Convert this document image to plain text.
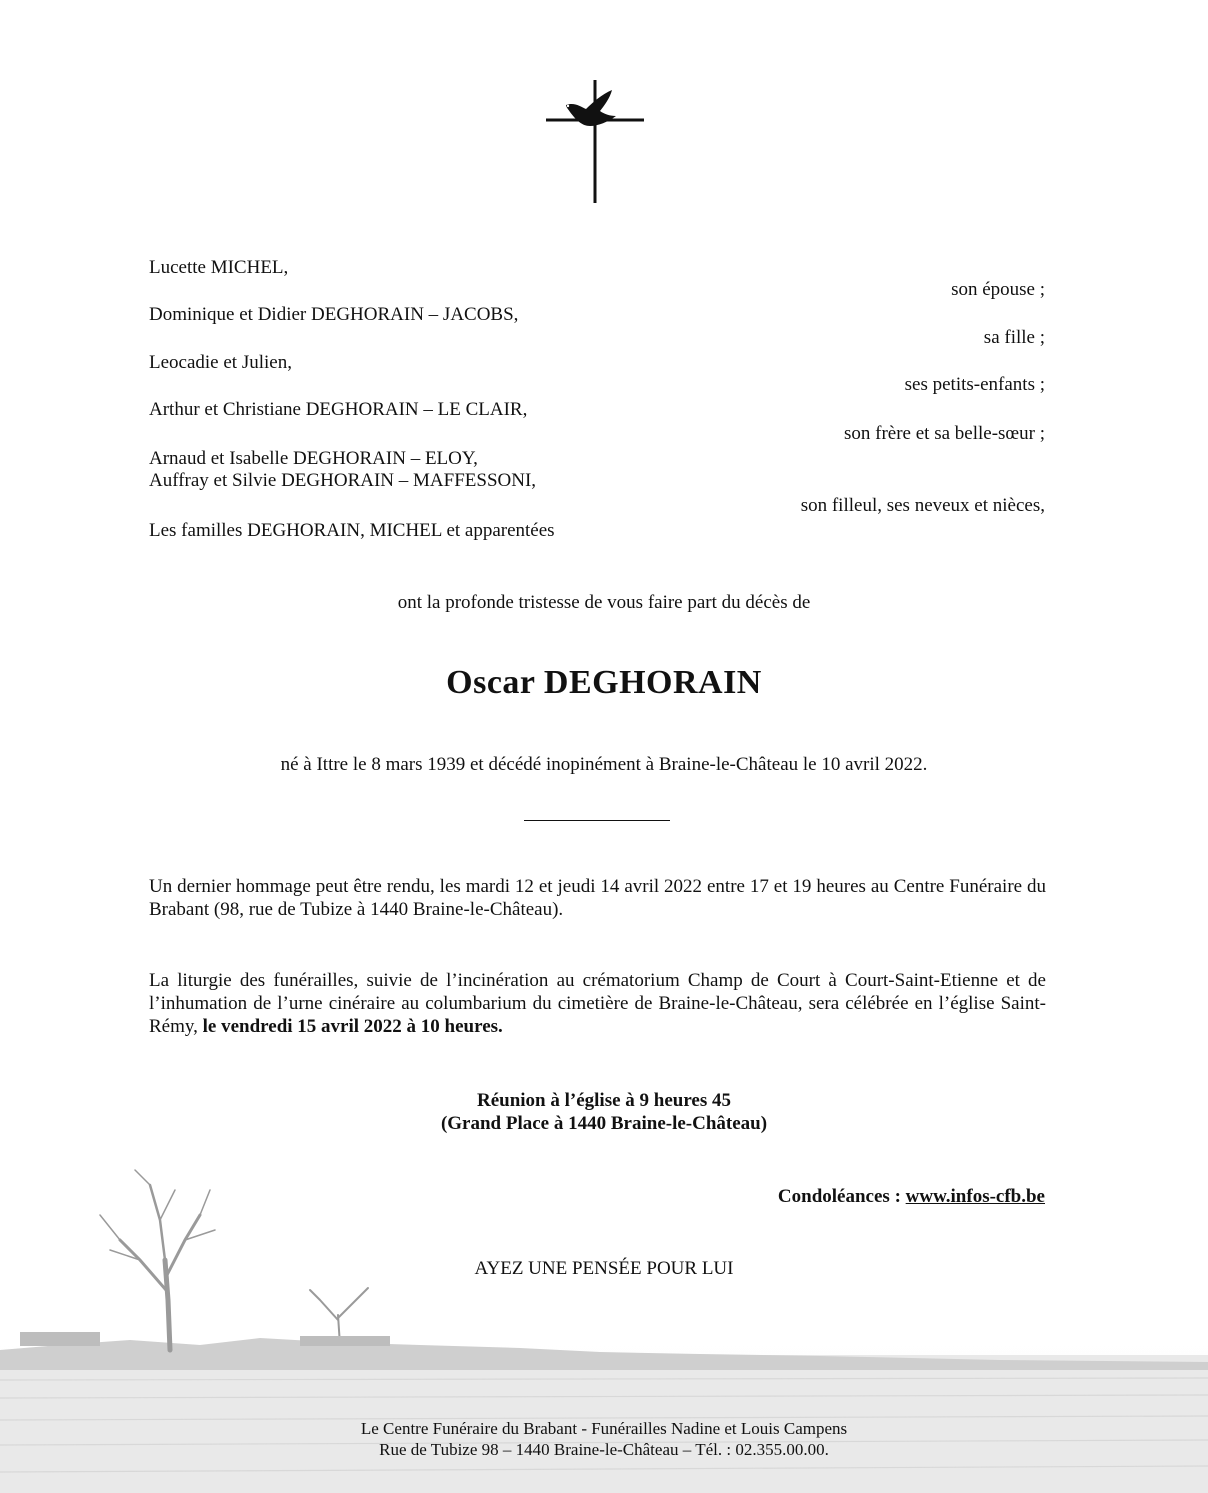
Lucette MICHEL,
son épouse ;
Dominique et Didier DEGHORAIN – JACOBS,
sa fille ;
Leocadie et Julien,
ses petits-enfants ;
Arthur et Christiane DEGHORAIN – LE CLAIR,
son frère et sa belle-sœur ;
Arnaud et Isabelle DEGHORAIN – ELOY,
Auffray et Silvie DEGHORAIN – MAFFESSONI,
son filleul, ses neveux et nièces,
Les familles DEGHORAIN, MICHEL et apparentées
ont la profonde tristesse de vous faire part du décès de
Oscar DEGHORAIN
né à Ittre le 8 mars 1939 et décédé inopinément à Braine-le-Château le 10 avril 2022.
Un dernier hommage peut être rendu, les mardi 12 et jeudi 14 avril 2022 entre 17 et 19 heures au Centre Funéraire du Brabant (98, rue de Tubize à 1440 Braine-le-Château).
La liturgie des funérailles, suivie de l’incinération au crématorium Champ de Court à Court-Saint-Etienne et de l’inhumation de l’urne cinéraire au columbarium du cimetière de Braine-le-Château, sera célébrée en l’église Saint-Rémy, le vendredi 15 avril 2022 à 10 heures.
Réunion à l’église à 9 heures 45
(Grand Place à 1440 Braine-le-Château)
Condoléances : www.infos-cfb.be
AYEZ UNE PENSÉE POUR LUI
Le Centre Funéraire du Brabant - Funérailles Nadine et Louis Campens
Rue de Tubize 98 – 1440 Braine-le-Château – Tél. : 02.355.00.00.
